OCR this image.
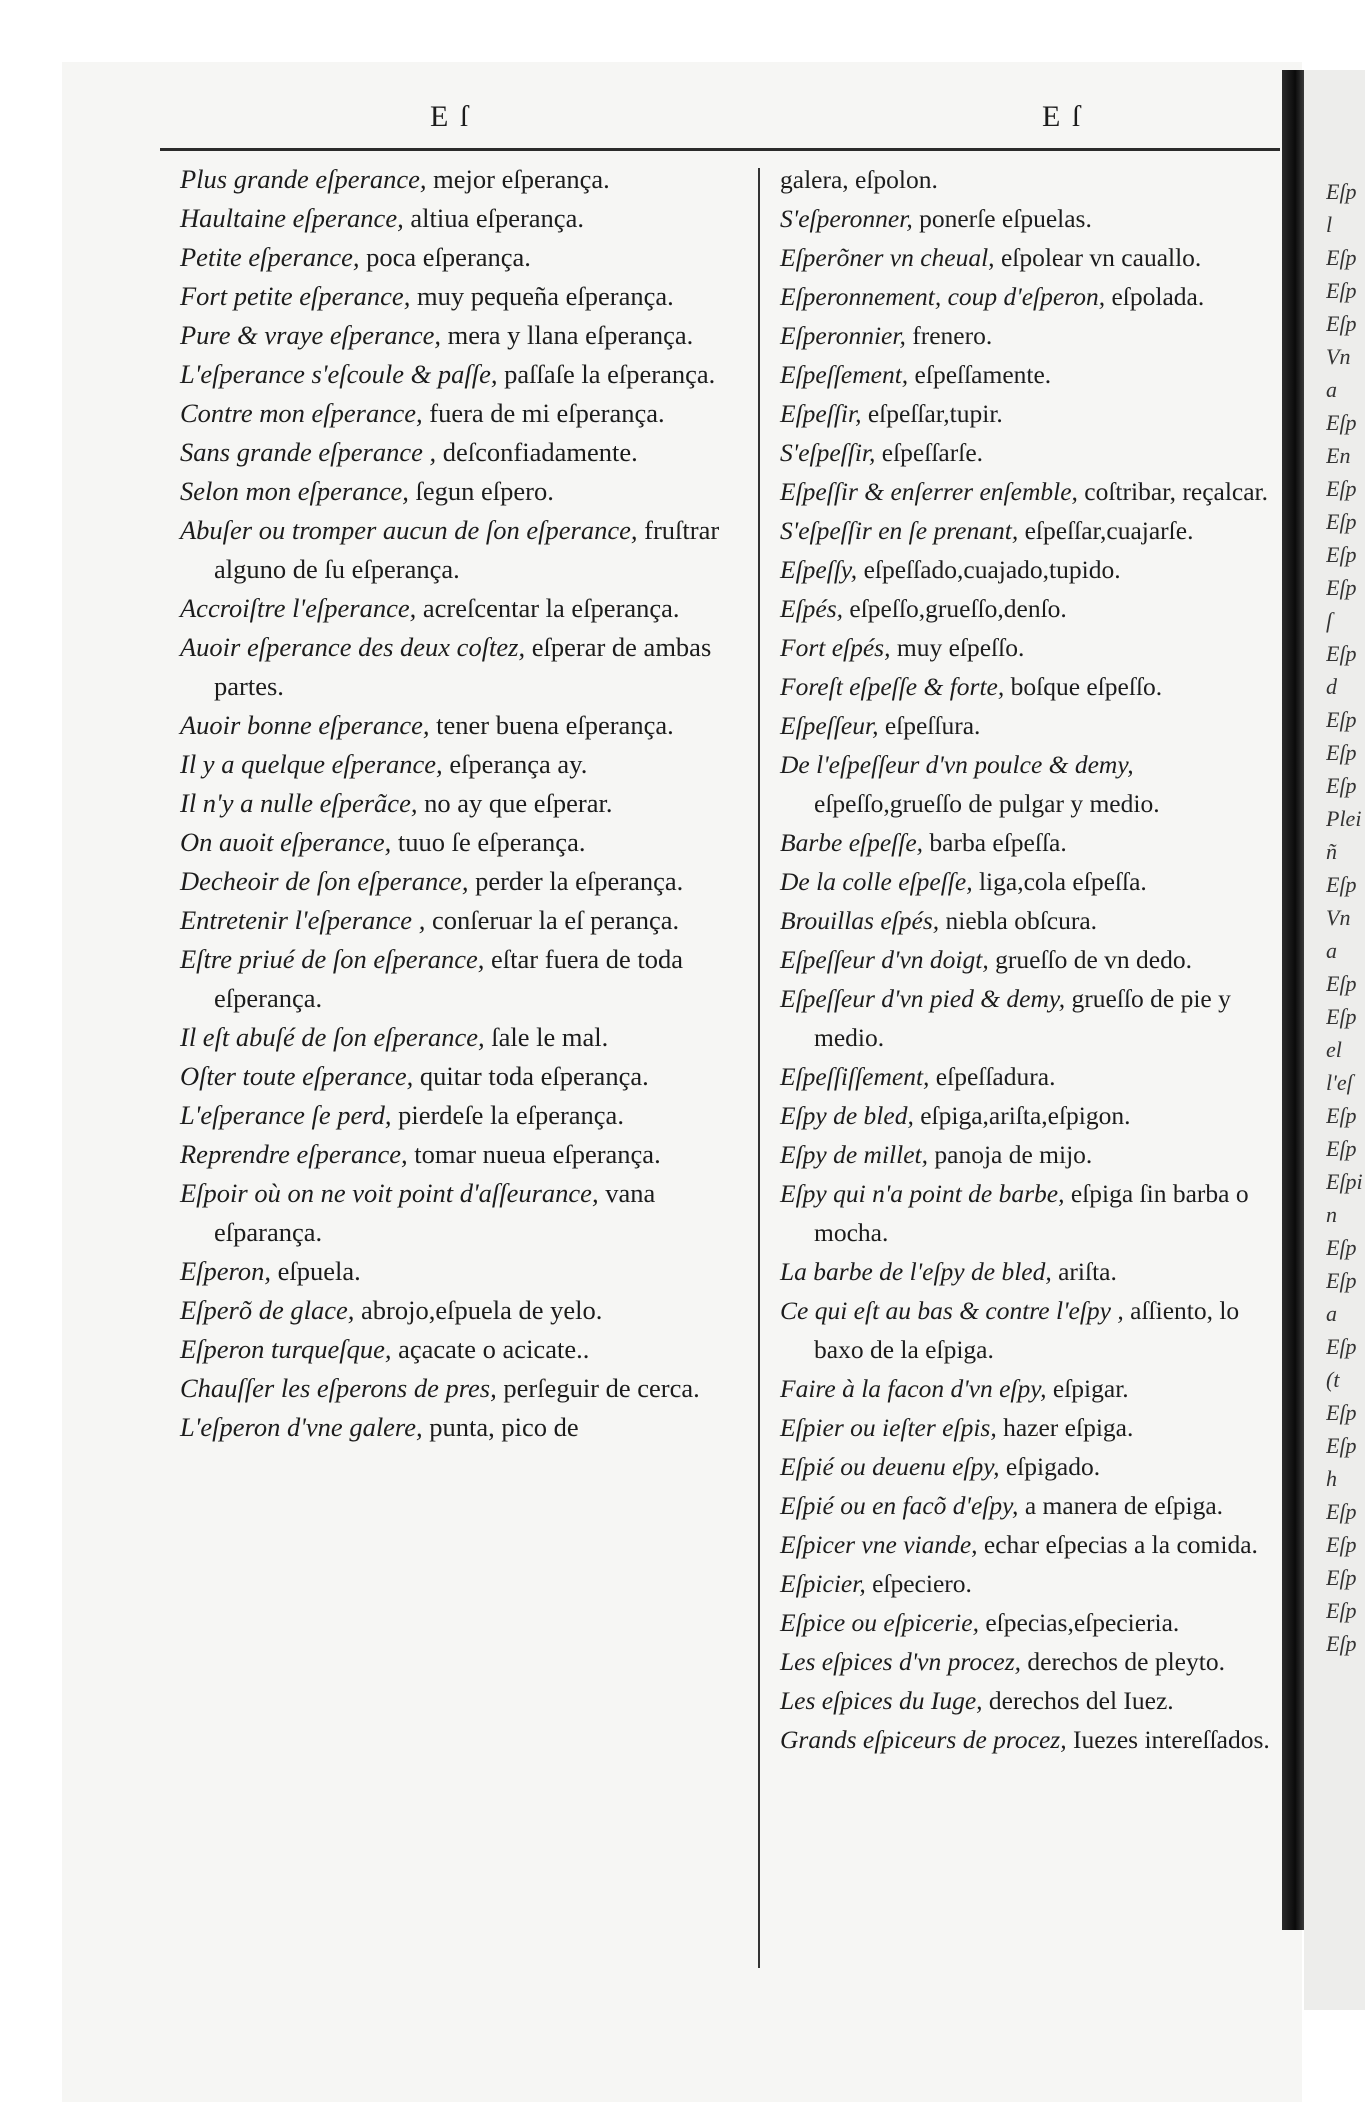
E ſ	E ſ
Plus grande eſperance, mejor eſperança.
Haultaine eſperance, altiua eſperança.
Petite eſperance, poca eſperança.
Fort petite eſperance, muy pequeña eſperança.
Pure & vraye eſperance, mera y llana eſperança.
L'eſperance s'eſcoule & paſſe, paſſaſe la eſperança.
Contre mon eſperance, fuera de mi eſperança.
Sans grande eſperance , deſconfiadamente.
Selon mon eſperance, ſegun eſpero.
Abuſer ou tromper aucun de ſon eſperance, fruſtrar alguno de ſu eſperança.
Accroiſtre l'eſperance, acreſcentar la eſperança.
Auoir eſperance des deux coſtez, eſperar de ambas partes.
Auoir bonne eſperance, tener buena eſperança.
Il y a quelque eſperance, eſperança ay.
Il n'y a nulle eſperãce, no ay que eſperar.
On auoit eſperance, tuuo ſe eſperança.
Decheoir de ſon eſperance, perder la eſperança.
Entretenir l'eſperance , conſeruar la eſ perança.
Eſtre priué de ſon eſperance, eſtar fuera de toda eſperança.
Il eſt abuſé de ſon eſperance, ſale le mal.
Oſter toute eſperance, quitar toda eſperança.
L'eſperance ſe perd, pierdeſe la eſperança.
Reprendre eſperance, tomar nueua eſperança.
Eſpoir où on ne voit point d'aſſeurance, vana eſparança.
Eſperon, eſpuela.
Eſperõ de glace, abrojo,eſpuela de yelo.
Eſperon turqueſque, açacate o acicate..
Chauſſer les eſperons de pres, perſeguir de cerca.
L'eſperon d'vne galere, punta, pico de
galera, eſpolon.
S'eſperonner, ponerſe eſpuelas.
Eſperõner vn cheual, eſpolear vn cauallo.
Eſperonnement, coup d'eſperon, eſpolada.
Eſperonnier, frenero.
Eſpeſſement, eſpeſſamente.
Eſpeſſir, eſpeſſar,tupir.
S'eſpeſſir, eſpeſſarſe.
Eſpeſſir & enſerrer enſemble, coſtribar, reçalcar.
S'eſpeſſir en ſe prenant, eſpeſſar,cuajarſe.
Eſpeſſy, eſpeſſado,cuajado,tupido.
Eſpés, eſpeſſo,grueſſo,denſo.
Fort eſpés, muy eſpeſſo.
Foreſt eſpeſſe & forte, boſque eſpeſſo.
Eſpeſſeur, eſpeſſura.
De l'eſpeſſeur d'vn poulce & demy, eſpeſſo,grueſſo de pulgar y medio.
Barbe eſpeſſe, barba eſpeſſa.
De la colle eſpeſſe, liga,cola eſpeſſa.
Brouillas eſpés, niebla obſcura.
Eſpeſſeur d'vn doigt, grueſſo de vn dedo.
Eſpeſſeur d'vn pied & demy, grueſſo de pie y medio.
Eſpeſſiſſement, eſpeſſadura.
Eſpy de bled, eſpiga,ariſta,eſpigon.
Eſpy de millet, panoja de mijo.
Eſpy qui n'a point de barbe, eſpiga ſin barba o mocha.
La barbe de l'eſpy de bled, ariſta.
Ce qui eſt au bas & contre l'eſpy , aſſiento, lo baxo de la eſpiga.
Faire à la facon d'vn eſpy, eſpigar.
Eſpier ou ieſter eſpis, hazer eſpiga.
Eſpié ou deuenu eſpy, eſpigado.
Eſpié ou en facõ d'eſpy, a manera de eſpiga.
Eſpicer vne viande, echar eſpecias a la comida.
Eſpicier, eſpeciero.
Eſpice ou eſpicerie, eſpecias,eſpecieria.
Les eſpices d'vn procez, derechos de pleyto.
Les eſpices du Iuge, derechos del Iuez.
Grands eſpiceurs de procez, Iuezes intereſſados.
Eſp
l
Eſp
Eſp
Eſp
Vn
a
Eſp
En
Eſp
Eſp
Eſp
Eſp
ſ
Eſp
d
Eſp
Eſp
Eſp
Plei
ñ
Eſp
Vn
a
Eſp
Eſp
el
l'eſ
Eſp
Eſp
Eſpi
n
Eſp
Eſp
a
Eſp
(t
Eſp
Eſp
h
Eſp
Eſp
Eſp
Eſp
Eſp
